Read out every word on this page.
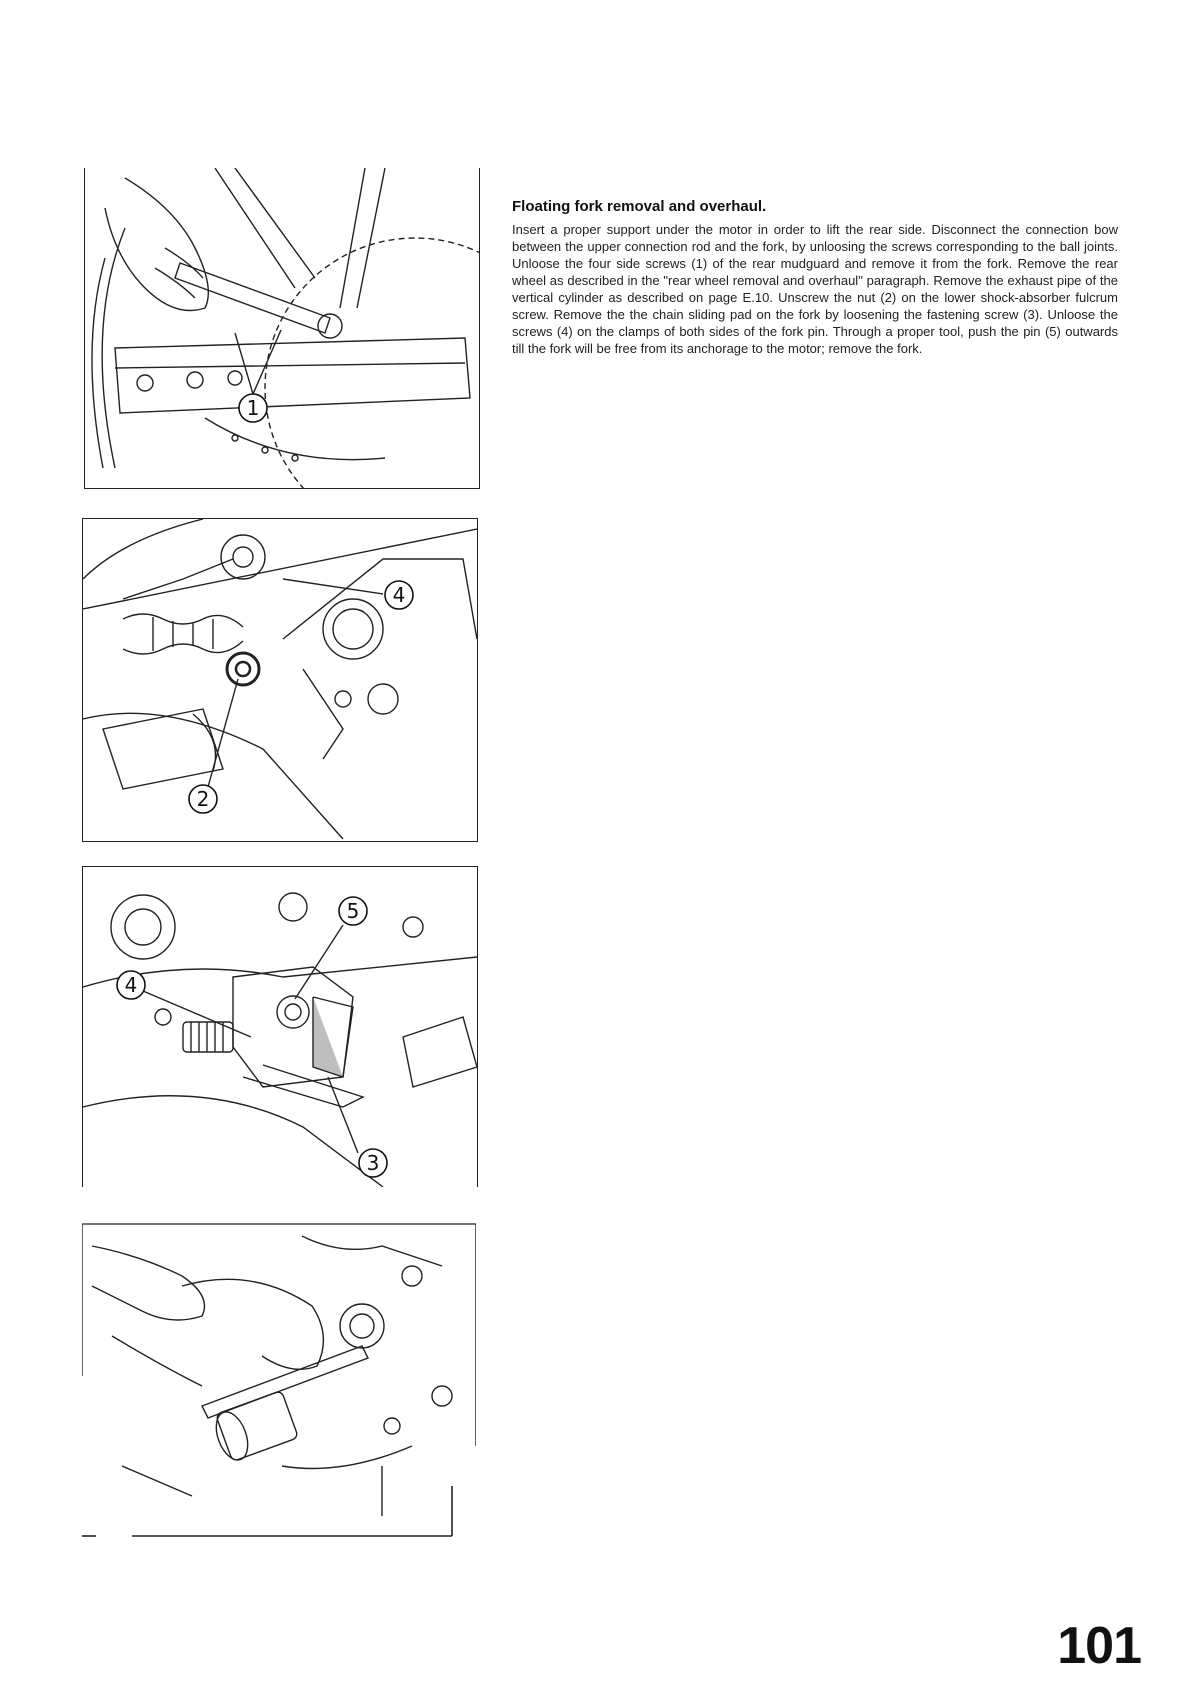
1
4
2
5
4
3

Floating fork removal and overhaul.

Insert a proper support under the motor in order to lift the rear side. Disconnect the connection bow between the upper connection rod and the fork, by unloosing the screws corresponding to the ball joints. Unloose the four side screws (1) of the rear mudguard and remove it from the fork. Remove the rear wheel as described in the "rear wheel removal and overhaul" paragraph. Remove the exhaust pipe of the vertical cylinder as described on page E.10. Unscrew the nut (2) on the lower shock-absorber fulcrum screw. Remove the the chain sliding pad on the fork by loosening the fastening screw (3). Unloose the screws (4) on the clamps of both sides of the fork pin. Through a proper tool, push the pin (5) outwards till the fork will be free from its anchorage to the motor; remove the fork.

101
